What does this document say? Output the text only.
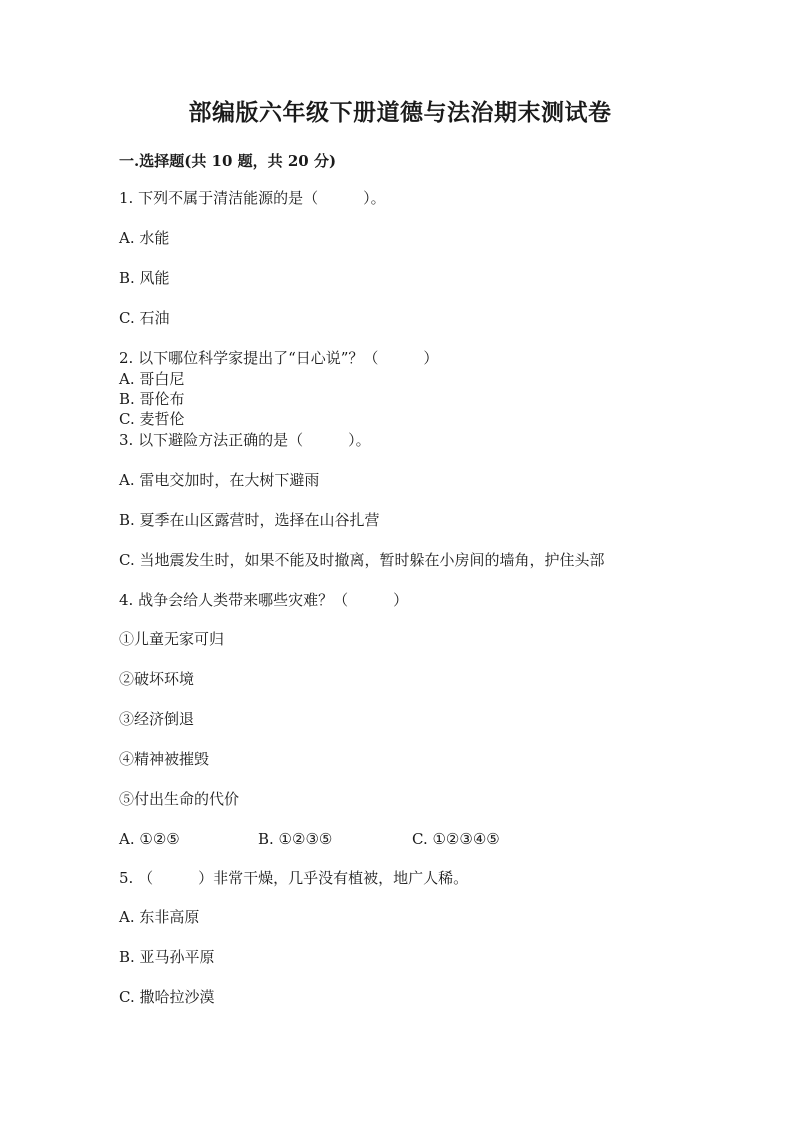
部编版六年级下册道德与法治期末测试卷
一.选择题(共 10 题，共 20 分)
1. 下列不属于清洁能源的是（　　　）。
A. 水能
B. 风能
C. 石油
2. 以下哪位科学家提出了“日心说”？（　　　）
A. 哥白尼
B. 哥伦布
C. 麦哲伦
3. 以下避险方法正确的是（　　　）。
A. 雷电交加时，在大树下避雨
B. 夏季在山区露营时，选择在山谷扎营
C. 当地震发生时，如果不能及时撤离，暂时躲在小房间的墙角，护住头部
4. 战争会给人类带来哪些灾难？（　　　）
①儿童无家可归
②破坏环境
③经济倒退
④精神被摧毁
⑤付出生命的代价
A. ①②⑤	B. ①②③⑤	C. ①②③④⑤
5. （　　　）非常干燥，几乎没有植被，地广人稀。
A. 东非高原
B. 亚马孙平原
C. 撒哈拉沙漠
